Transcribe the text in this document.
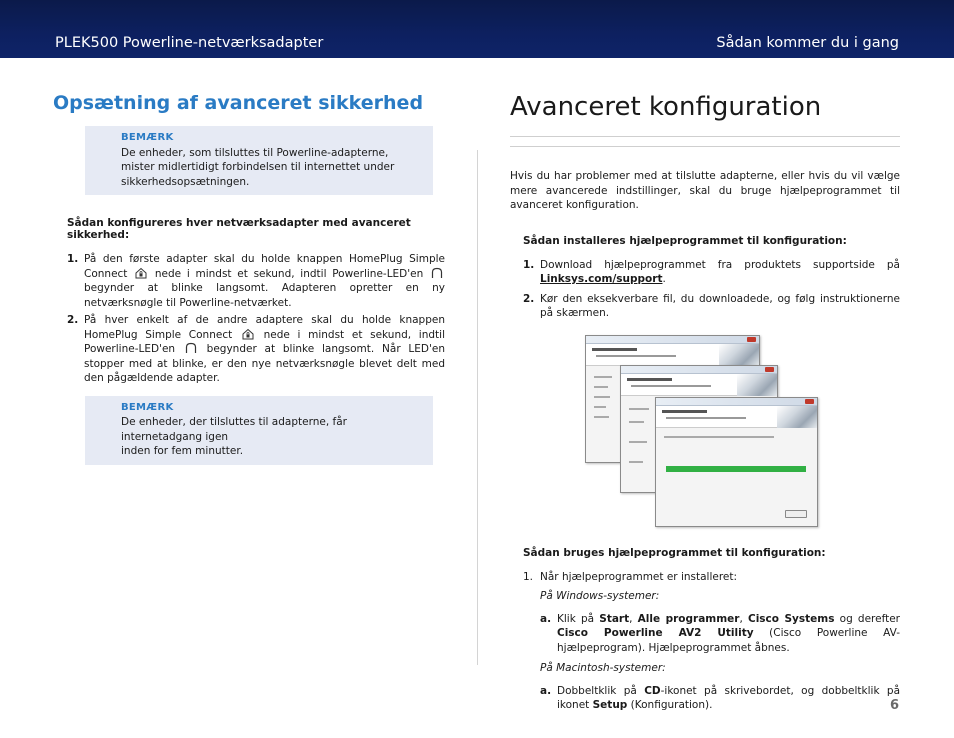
PLEK500 Powerline-netværksadapter	Sådan kommer du i gang
Opsætning af avanceret sikkerhed
BEMÆRK
De enheder, som tilsluttes til Powerline-adapterne,
mister midlertidigt forbindelsen til internettet under
sikkerhedsopsætningen.
Sådan konfigureres hver netværksadapter med avanceret sikkerhed:
1. På den første adapter skal du holde knappen HomePlug Simple Connect	nede i mindst et sekund, indtil Powerline-LED'en  begynder at blinke langsomt. Adapteren opretter en ny netværksnøgle til Powerline-netværket.
2. På hver enkelt af de andre adaptere skal du holde knappen HomePlug Simple Connect	nede i mindst et sekund, indtil Powerline-LED'en	begynder at blinke langsomt. Når LED'en stopper med at blinke, er den nye netværksnøgle blevet delt med den pågældende adapter.
BEMÆRK
De enheder, der tilsluttes til adapterne, får internetadgang igen
inden for fem minutter.
Avanceret konfiguration

Hvis du har problemer med at tilslutte adapterne, eller hvis du vil vælge mere avancerede indstillinger, skal du bruge hjælpeprogrammet til avanceret konfiguration.

Sådan installeres hjælpeprogrammet til konfiguration:
1. Download hjælpeprogrammet fra produktets supportside på Linksys.com/support.
2. Kør den eksekverbare fil, du downloadede, og følg instruktionerne på skærmen.
Sådan bruges hjælpeprogrammet til konfiguration:
1. Når hjælpeprogrammet er installeret:
På Windows-systemer:
a. Klik på Start, Alle programmer, Cisco Systems og derefter Cisco Powerline AV2 Utility (Cisco Powerline AV-hjælpeprogram). Hjælpeprogrammet åbnes.
På Macintosh-systemer:
a. Dobbeltklik på CD-ikonet på skrivebordet, og dobbeltklik på ikonet Setup (Konfiguration).	6
